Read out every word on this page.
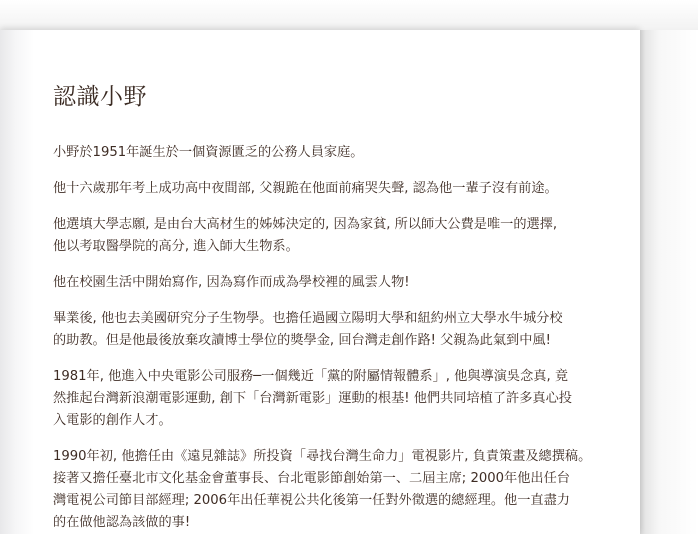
認識小野

小野於1951年誕生於一個資源匱乏的公務人員家庭。

他十六歲那年考上成功高中夜間部, 父親跪在他面前痛哭失聲, 認為他一輩子沒有前途。

他選填大學志願, 是由台大高材生的姊姊決定的, 因為家貧, 所以師大公費是唯一的選擇,
他以考取醫學院的高分, 進入師大生物系。

他在校園生活中開始寫作, 因為寫作而成為學校裡的風雲人物!

畢業後, 他也去美國研究分子生物學。也擔任過國立陽明大學和紐約州立大學水牛城分校
的助教。但是他最後放棄攻讀博士學位的獎學金, 回台灣走創作路! 父親為此氣到中風!

1981年, 他進入中央電影公司服務─一個幾近「黨的附屬情報體系」, 他與導演吳念真, 竟
然推起台灣新浪潮電影運動, 創下「台灣新電影」運動的根基! 他們共同培植了許多真心投
入電影的創作人才。

1990年初, 他擔任由《遠見雜誌》所投資「尋找台灣生命力」電視影片, 負責策畫及總撰稿。
接著又擔任臺北市文化基金會董事長、台北電影節創始第一、二屆主席; 2000年他出任台
灣電視公司節目部經理; 2006年出任華視公共化後第一任對外徵選的總經理。他一直盡力
的在做他認為該做的事!
